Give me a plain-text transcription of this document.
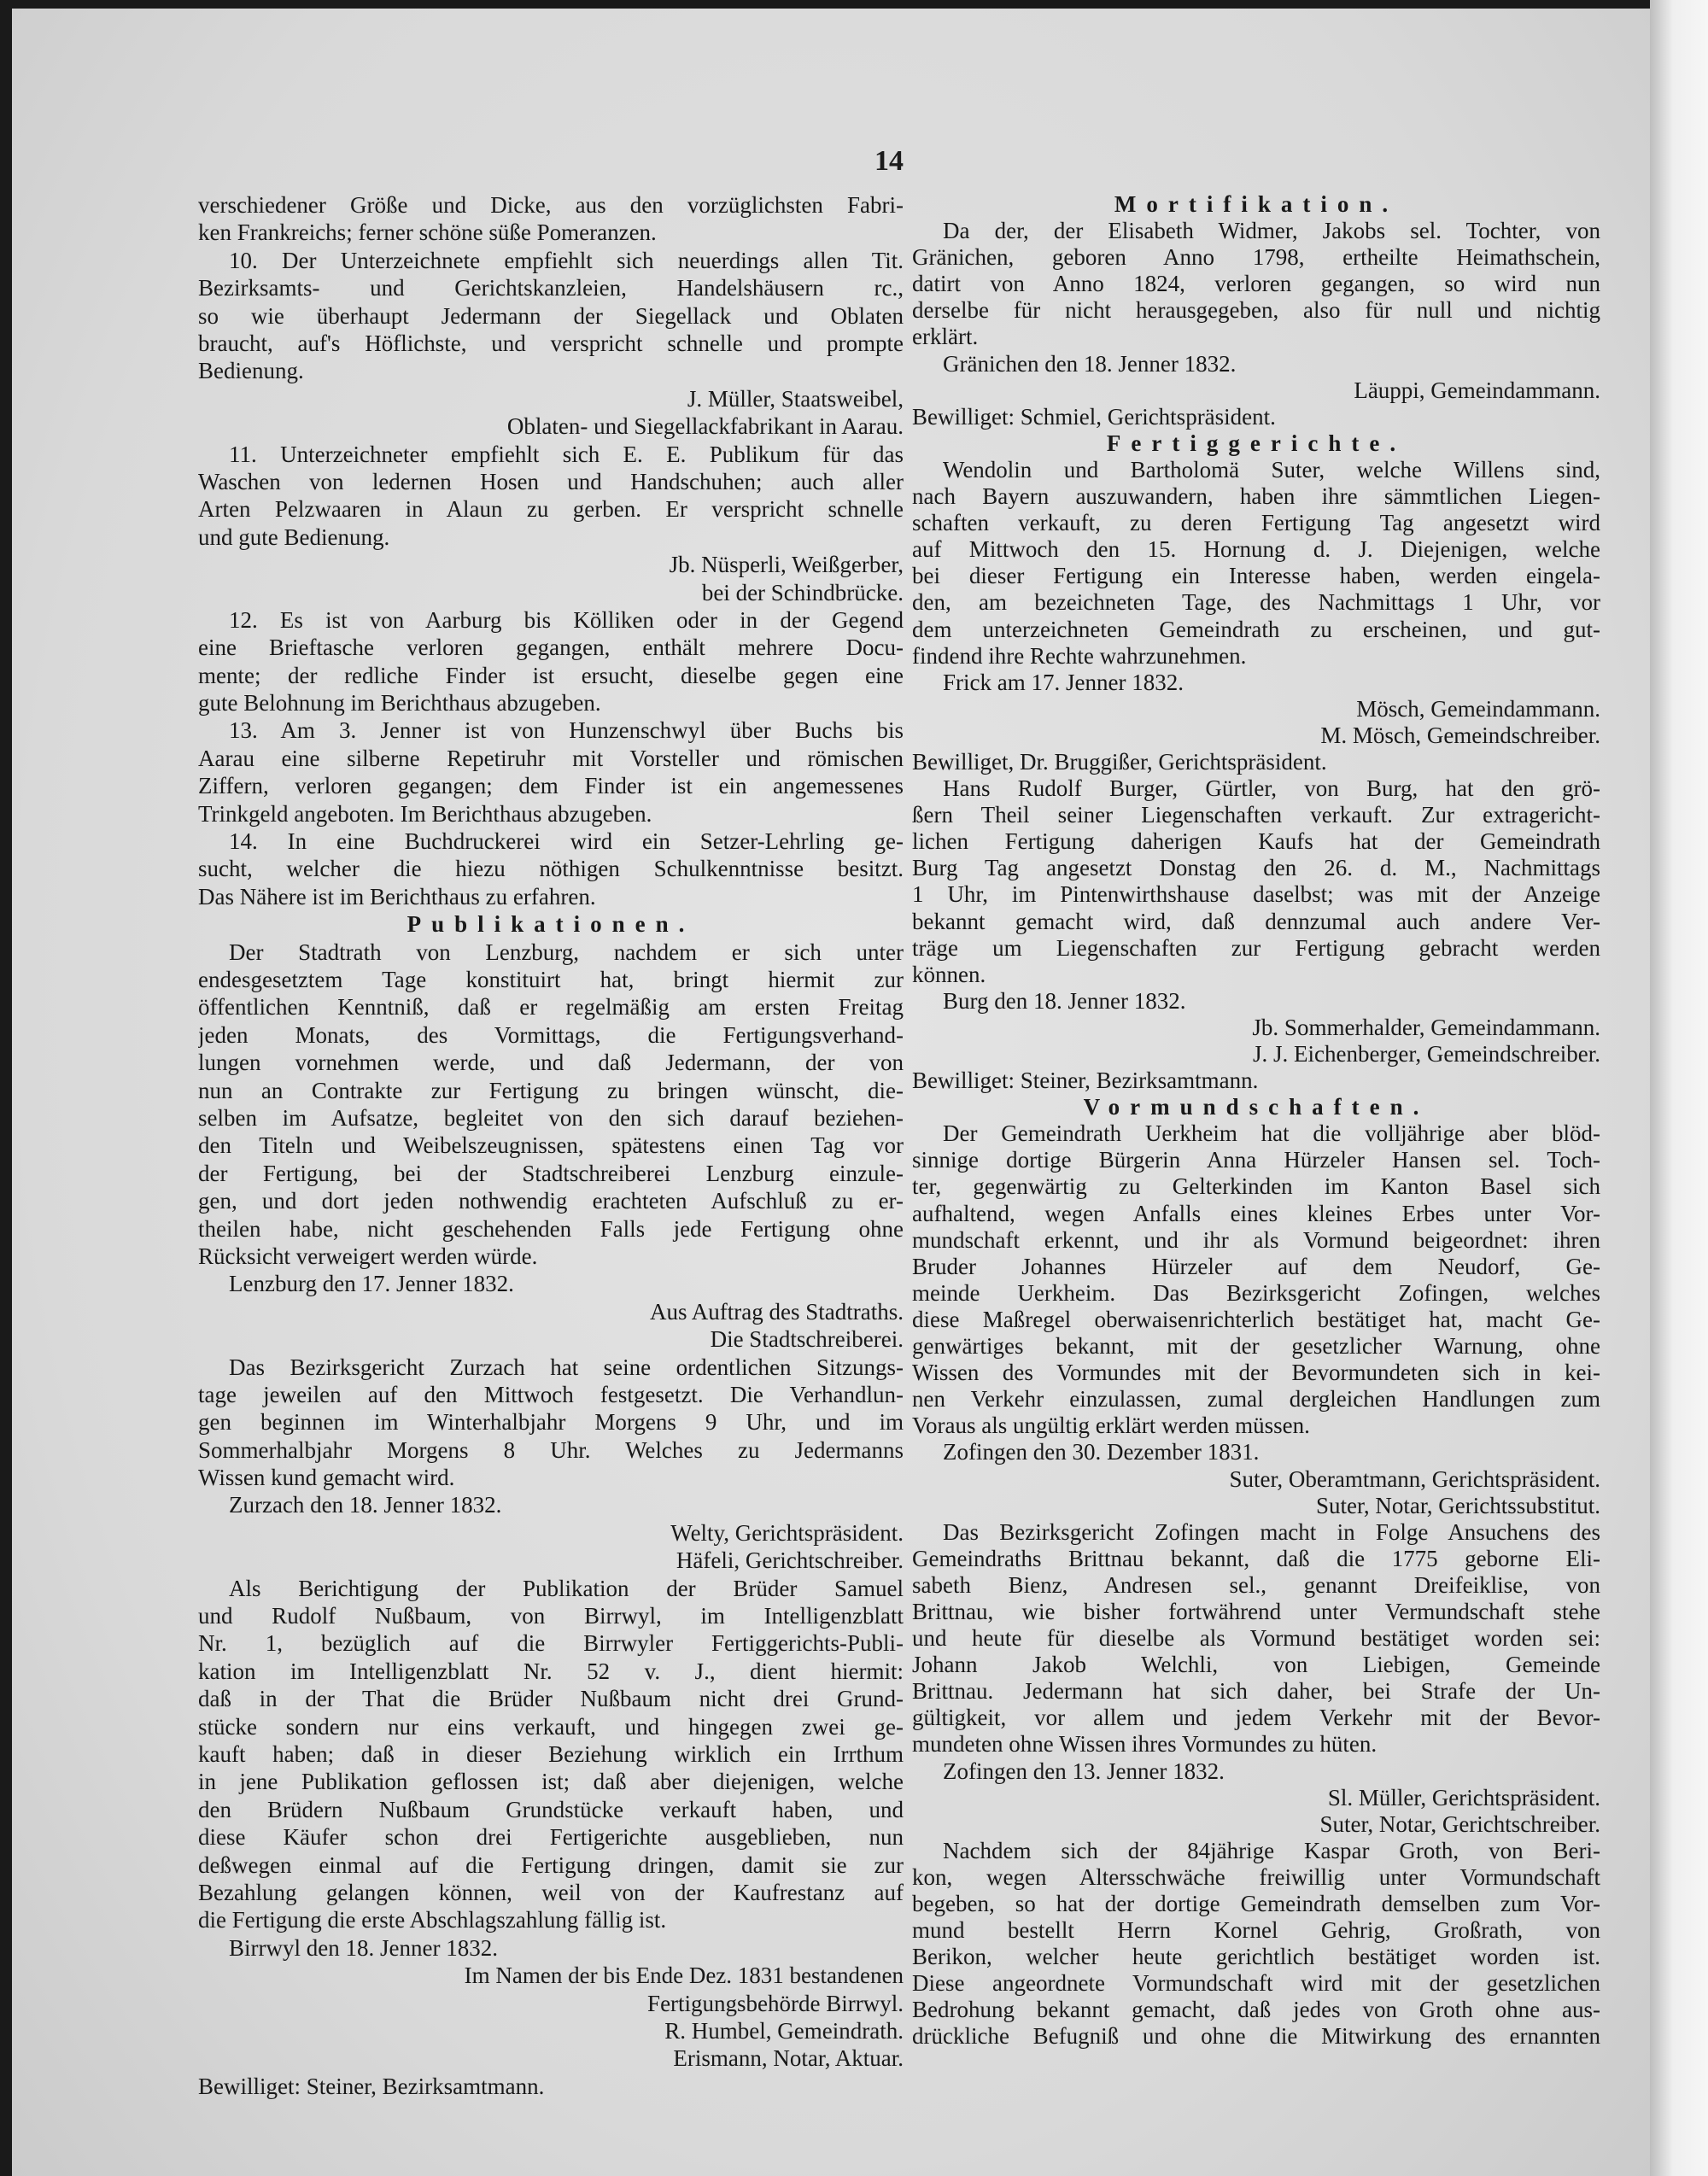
14
verschiedener Größe und Dicke, aus den vorzüglichsten Fabri-
ken Frankreichs; ferner schöne süße Pomeranzen.
10. Der Unterzeichnete empfiehlt sich neuerdings allen Tit.
Bezirksamts- und Gerichtskanzleien, Handelshäusern rc.,
so wie überhaupt Jedermann der Siegellack und Oblaten
braucht, auf's Höflichste, und verspricht schnelle und prompte
Bedienung.
J. Müller, Staatsweibel,
Oblaten- und Siegellackfabrikant in Aarau.
11. Unterzeichneter empfiehlt sich E. E. Publikum für das
Waschen von ledernen Hosen und Handschuhen; auch aller
Arten Pelzwaaren in Alaun zu gerben. Er verspricht schnelle
und gute Bedienung.
Jb. Nüsperli, Weißgerber,
bei der Schindbrücke.
12. Es ist von Aarburg bis Kölliken oder in der Gegend
eine Brieftasche verloren gegangen, enthält mehrere Docu-
mente; der redliche Finder ist ersucht, dieselbe gegen eine
gute Belohnung im Berichthaus abzugeben.
13. Am 3. Jenner ist von Hunzenschwyl über Buchs bis
Aarau eine silberne Repetiruhr mit Vorsteller und römischen
Ziffern, verloren gegangen; dem Finder ist ein angemessenes
Trinkgeld angeboten. Im Berichthaus abzugeben.
14. In eine Buchdruckerei wird ein Setzer-Lehrling ge-
sucht, welcher die hiezu nöthigen Schulkenntnisse besitzt.
Das Nähere ist im Berichthaus zu erfahren.
Publikationen.
Der Stadtrath von Lenzburg, nachdem er sich unter
endesgesetztem Tage konstituirt hat, bringt hiermit zur
öffentlichen Kenntniß, daß er regelmäßig am ersten Freitag
jeden Monats, des Vormittags, die Fertigungsverhand-
lungen vornehmen werde, und daß Jedermann, der von
nun an Contrakte zur Fertigung zu bringen wünscht, die-
selben im Aufsatze, begleitet von den sich darauf beziehen-
den Titeln und Weibelszeugnissen, spätestens einen Tag vor
der Fertigung, bei der Stadtschreiberei Lenzburg einzule-
gen, und dort jeden nothwendig erachteten Aufschluß zu er-
theilen habe, nicht geschehenden Falls jede Fertigung ohne
Rücksicht verweigert werden würde.
Lenzburg den 17. Jenner 1832.
Aus Auftrag des Stadtraths.
Die Stadtschreiberei.
Das Bezirksgericht Zurzach hat seine ordentlichen Sitzungs-
tage jeweilen auf den Mittwoch festgesetzt. Die Verhandlun-
gen beginnen im Winterhalbjahr Morgens 9 Uhr, und im
Sommerhalbjahr Morgens 8 Uhr. Welches zu Jedermanns
Wissen kund gemacht wird.
Zurzach den 18. Jenner 1832.
Welty, Gerichtspräsident.
Häfeli, Gerichtschreiber.
Als Berichtigung der Publikation der Brüder Samuel
und Rudolf Nußbaum, von Birrwyl, im Intelligenzblatt
Nr. 1, bezüglich auf die Birrwyler Fertiggerichts-Publi-
kation im Intelligenzblatt Nr. 52 v. J., dient hiermit:
daß in der That die Brüder Nußbaum nicht drei Grund-
stücke sondern nur eins verkauft, und hingegen zwei ge-
kauft haben; daß in dieser Beziehung wirklich ein Irrthum
in jene Publikation geflossen ist; daß aber diejenigen, welche
den Brüdern Nußbaum Grundstücke verkauft haben, und
diese Käufer schon drei Fertigerichte ausgeblieben, nun
deßwegen einmal auf die Fertigung dringen, damit sie zur
Bezahlung gelangen können, weil von der Kaufrestanz auf
die Fertigung die erste Abschlagszahlung fällig ist.
Birrwyl den 18. Jenner 1832.
Im Namen der bis Ende Dez. 1831 bestandenen
Fertigungsbehörde Birrwyl.
R. Humbel, Gemeindrath.
Erismann, Notar, Aktuar.
Bewilliget: Steiner, Bezirksamtmann.
Mortifikation.
Da der, der Elisabeth Widmer, Jakobs sel. Tochter, von
Gränichen, geboren Anno 1798, ertheilte Heimathschein,
datirt von Anno 1824, verloren gegangen, so wird nun
derselbe für nicht herausgegeben, also für null und nichtig
erklärt.
Gränichen den 18. Jenner 1832.
Läuppi, Gemeindammann.
Bewilliget: Schmiel, Gerichtspräsident.
Fertiggerichte.
Wendolin und Bartholomä Suter, welche Willens sind,
nach Bayern auszuwandern, haben ihre sämmtlichen Liegen-
schaften verkauft, zu deren Fertigung Tag angesetzt wird
auf Mittwoch den 15. Hornung d. J. Diejenigen, welche
bei dieser Fertigung ein Interesse haben, werden eingela-
den, am bezeichneten Tage, des Nachmittags 1 Uhr, vor
dem unterzeichneten Gemeindrath zu erscheinen, und gut-
findend ihre Rechte wahrzunehmen.
Frick am 17. Jenner 1832.
Mösch, Gemeindammann.
M. Mösch, Gemeindschreiber.
Bewilliget, Dr. Bruggißer, Gerichtspräsident.
Hans Rudolf Burger, Gürtler, von Burg, hat den grö-
ßern Theil seiner Liegenschaften verkauft. Zur extragericht-
lichen Fertigung daherigen Kaufs hat der Gemeindrath
Burg Tag angesetzt Donstag den 26. d. M., Nachmittags
1 Uhr, im Pintenwirthshause daselbst; was mit der Anzeige
bekannt gemacht wird, daß dennzumal auch andere Ver-
träge um Liegenschaften zur Fertigung gebracht werden
können.
Burg den 18. Jenner 1832.
Jb. Sommerhalder, Gemeindammann.
J. J. Eichenberger, Gemeindschreiber.
Bewilliget: Steiner, Bezirksamtmann.
Vormundschaften.
Der Gemeindrath Uerkheim hat die volljährige aber blöd-
sinnige dortige Bürgerin Anna Hürzeler Hansen sel. Toch-
ter, gegenwärtig zu Gelterkinden im Kanton Basel sich
aufhaltend, wegen Anfalls eines kleines Erbes unter Vor-
mundschaft erkennt, und ihr als Vormund beigeordnet: ihren
Bruder Johannes Hürzeler auf dem Neudorf, Ge-
meinde Uerkheim. Das Bezirksgericht Zofingen, welches
diese Maßregel oberwaisenrichterlich bestätiget hat, macht Ge-
genwärtiges bekannt, mit der gesetzlicher Warnung, ohne
Wissen des Vormundes mit der Bevormundeten sich in kei-
nen Verkehr einzulassen, zumal dergleichen Handlungen zum
Voraus als ungültig erklärt werden müssen.
Zofingen den 30. Dezember 1831.
Suter, Oberamtmann, Gerichtspräsident.
Suter, Notar, Gerichtssubstitut.
Das Bezirksgericht Zofingen macht in Folge Ansuchens des
Gemeindraths Brittnau bekannt, daß die 1775 geborne Eli-
sabeth Bienz, Andresen sel., genannt Dreifeiklise, von
Brittnau, wie bisher fortwährend unter Vermundschaft stehe
und heute für dieselbe als Vormund bestätiget worden sei:
Johann Jakob Welchli, von Liebigen, Gemeinde
Brittnau. Jedermann hat sich daher, bei Strafe der Un-
gültigkeit, vor allem und jedem Verkehr mit der Bevor-
mundeten ohne Wissen ihres Vormundes zu hüten.
Zofingen den 13. Jenner 1832.
Sl. Müller, Gerichtspräsident.
Suter, Notar, Gerichtschreiber.
Nachdem sich der 84jährige Kaspar Groth, von Beri-
kon, wegen Altersschwäche freiwillig unter Vormundschaft
begeben, so hat der dortige Gemeindrath demselben zum Vor-
mund bestellt Herrn Kornel Gehrig, Großrath, von
Berikon, welcher heute gerichtlich bestätiget worden ist.
Diese angeordnete Vormundschaft wird mit der gesetzlichen
Bedrohung bekannt gemacht, daß jedes von Groth ohne aus-
drückliche Befugniß und ohne die Mitwirkung des ernannten
